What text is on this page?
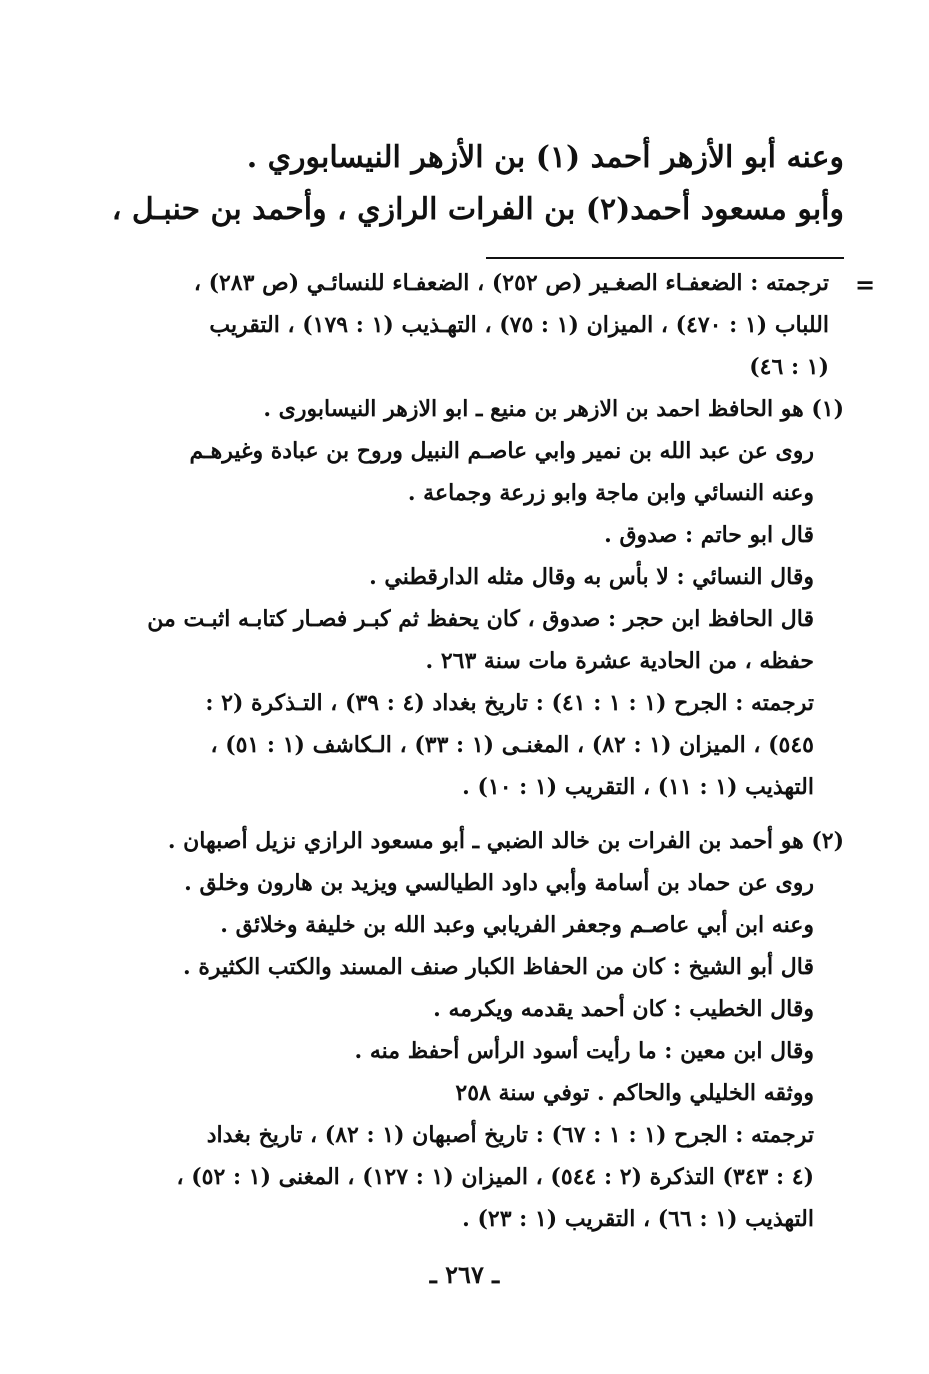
وعنه أبو الأزهر أحمد (١) بن الأزهر النيسابوري .
وأبو مسعود أحمد(٢) بن الفرات الرازي ، وأحمد بن حنبـل ،
=
ترجمته : الضعفـاء الصغـير (ص ٢٥٢) ، الضعفـاء للنسائـي (ص ٢٨٣) ،
اللباب (١ : ٤٧٠) ، الميزان (١ : ٧٥) ، التهـذيب (١ : ١٧٩) ، التقريب
(١ : ٤٦)
(١) هو الحافظ احمد بن الازهر بن منيع ـ ابو الازهر النيسابورى .
روى عن عبد الله بن نمير وابي عاصـم النبيل وروح بن عبادة وغيرهـم
وعنه النسائي وابن ماجة وابو زرعة وجماعة .
قال ابو حاتم : صدوق .
وقال النسائي : لا بأس به وقال مثله الدارقطني .
قال الحافظ ابن حجر : صدوق ، كان يحفظ ثم كبـر فصـار كتابـه اثبـت من
حفظه ، من الحادية عشرة مات سنة ٢٦٣ .
ترجمته : الجرح (١ : ١ : ٤١) : تاريخ بغداد (٤ : ٣٩) ، التـذكرة (٢ :
٥٤٥) ، الميزان (١ : ٨٢) ، المغنـى (١ : ٣٣) ، الـكاشف (١ : ٥١) ،
التهذيب (١ : ١١) ، التقريب (١ : ١٠) .
(٢) هو أحمد بن الفرات بن خالد الضبي ـ أبو مسعود الرازي نزيل أصبهان .
روى عن حماد بن أسامة وأبي داود الطيالسي ويزيد بن هارون وخلق .
وعنه ابن أبي عاصـم وجعفر الفريابي وعبد الله بن خليفة وخلائق .
قال أبو الشيخ : كان من الحفاظ الكبار صنف المسند والكتب الكثيرة .
وقال الخطيب : كان أحمد يقدمه ويكرمه .
وقال ابن معين : ما رأيت أسود الرأس أحفظ منه .
ووثقه الخليلي والحاكم . توفي سنة ٢٥٨
ترجمته : الجرح (١ : ١ : ٦٧) : تاريخ أصبهان (١ : ٨٢) ، تاريخ بغداد
(٤ : ٣٤٣) التذكرة (٢ : ٥٤٤) ، الميزان (١ : ١٢٧) ، المغنى (١ : ٥٢) ،
التهذيب (١ : ٦٦) ، التقريب (١ : ٢٣) .
ـ ٢٦٧ ـ
